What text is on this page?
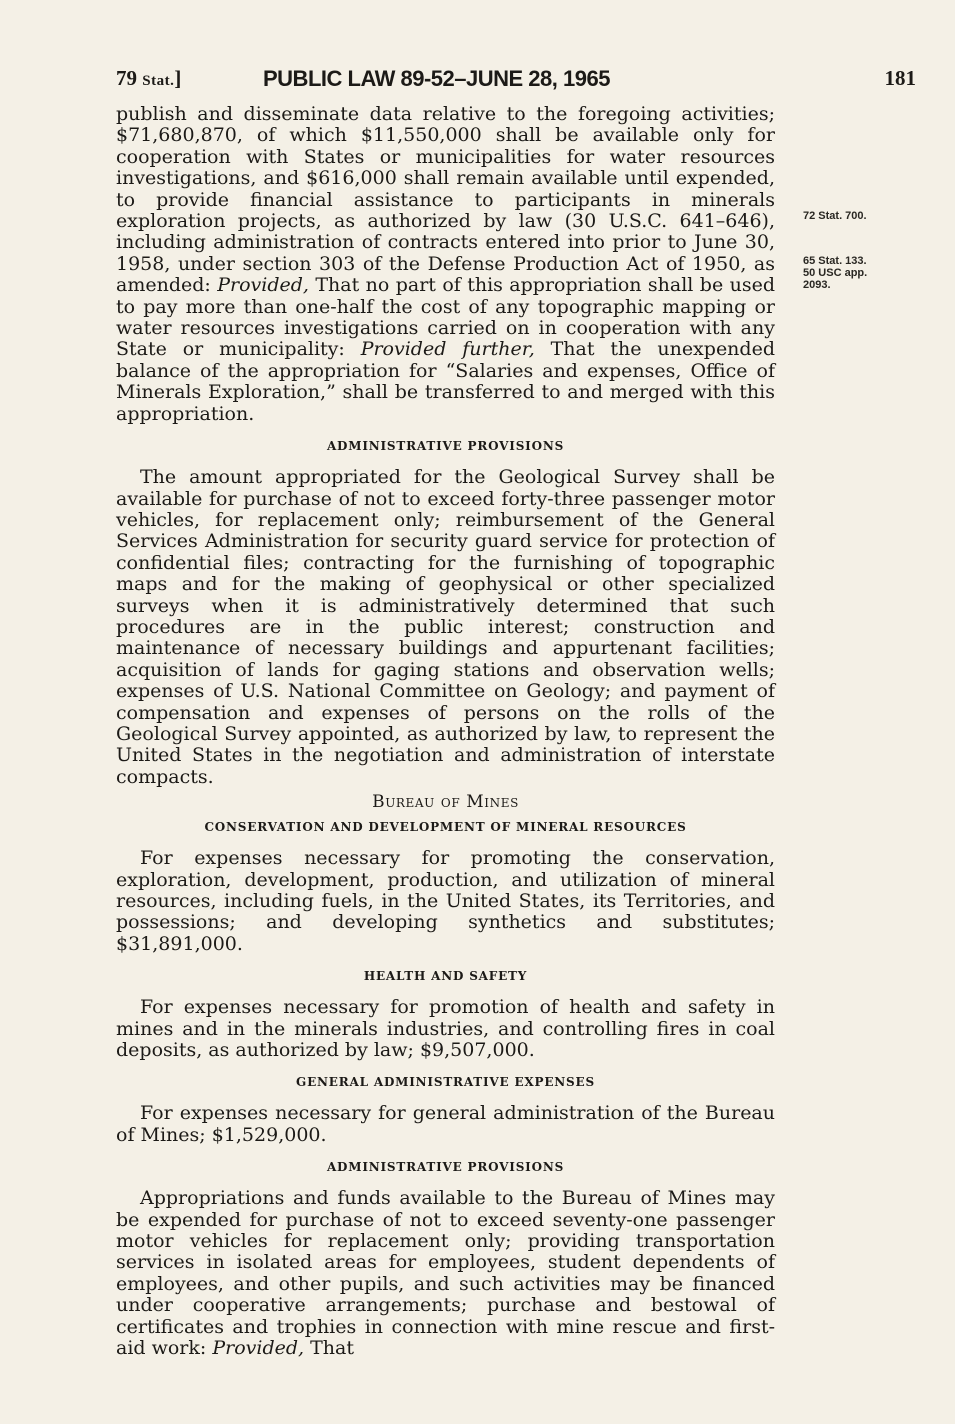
79 Stat.]	PUBLIC LAW 89-52–JUNE 28, 1965	181
72 Stat. 700.
65 Stat. 133.
50 USC app.
2093.

publish and disseminate data relative to the foregoing activities; $71,680,870, of which $11,550,000 shall be available only for cooperation with States or municipalities for water resources investigations, and $616,000 shall remain available until expended, to provide financial assistance to participants in minerals exploration projects, as authorized by law (30 U.S.C. 641–646), including administration of contracts entered into prior to June 30, 1958, under section 303 of the Defense Production Act of 1950, as amended: Provided, That no part of this appropriation shall be used to pay more than one-half the cost of any topographic mapping or water resources investigations carried on in cooperation with any State or municipality: Provided further, That the unexpended balance of the appropriation for “Salaries and expenses, Office of Minerals Exploration,” shall be transferred to and merged with this appropriation.

ADMINISTRATIVE PROVISIONS

The amount appropriated for the Geological Survey shall be available for purchase of not to exceed forty-three passenger motor vehicles, for replacement only; reimbursement of the General Services Administration for security guard service for protection of confidential files; contracting for the furnishing of topographic maps and for the making of geophysical or other specialized surveys when it is administratively determined that such procedures are in the public interest; construction and maintenance of necessary buildings and appurtenant facilities; acquisition of lands for gaging stations and observation wells; expenses of U.S. National Committee on Geology; and payment of compensation and expenses of persons on the rolls of the Geological Survey appointed, as authorized by law, to represent the United States in the negotiation and administration of interstate compacts.

Bureau of Mines
CONSERVATION AND DEVELOPMENT OF MINERAL RESOURCES

For expenses necessary for promoting the conservation, exploration, development, production, and utilization of mineral resources, including fuels, in the United States, its Territories, and possessions; and developing synthetics and substitutes; $31,891,000.

HEALTH AND SAFETY

For expenses necessary for promotion of health and safety in mines and in the minerals industries, and controlling fires in coal deposits, as authorized by law; $9,507,000.

GENERAL ADMINISTRATIVE EXPENSES

For expenses necessary for general administration of the Bureau of Mines; $1,529,000.

ADMINISTRATIVE PROVISIONS

Appropriations and funds available to the Bureau of Mines may be expended for purchase of not to exceed seventy-one passenger motor vehicles for replacement only; providing transportation services in isolated areas for employees, student dependents of employees, and other pupils, and such activities may be financed under cooperative arrangements; purchase and bestowal of certificates and trophies in connection with mine rescue and first-aid work: Provided, That
